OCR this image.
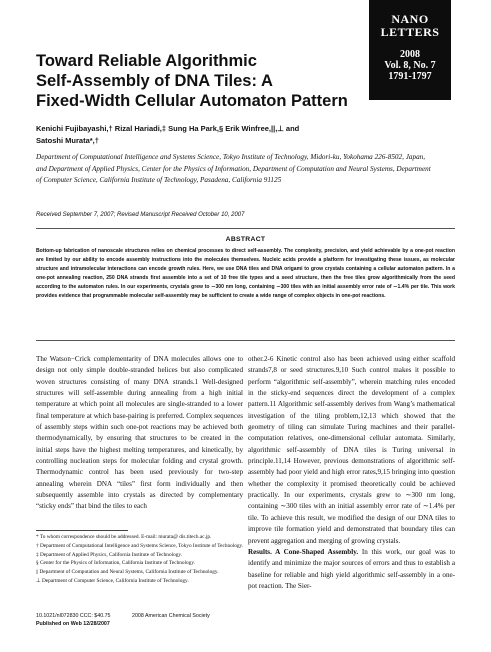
NANO
LETTERS
2008
Vol. 8, No. 7
1791-1797
Toward Reliable Algorithmic
Self-Assembly of DNA Tiles: A
Fixed-Width Cellular Automaton Pattern
Kenichi Fujibayashi,† Rizal Hariadi,‡ Sung Ha Park,§ Erik Winfree,||,⊥ and
Satoshi Murata*,†
Department of Computational Intelligence and Systems Science, Tokyo Institute of Technology, Midori-ku, Yokohama 226-8502, Japan, and Department of Applied Physics, Center for the Physics of Information, Department of Computation and Neural Systems, Department of Computer Science, California Institute of Technology, Pasadena, California 91125
Received September 7, 2007; Revised Manuscript Received October 10, 2007
ABSTRACT
Bottom-up fabrication of nanoscale structures relies on chemical processes to direct self-assembly. The complexity, precision, and yield achievable by a one-pot reaction are limited by our ability to encode assembly instructions into the molecules themselves. Nucleic acids provide a platform for investigating these issues, as molecular structure and intramolecular interactions can encode growth rules. Here, we use DNA tiles and DNA origami to grow crystals containing a cellular automaton pattern. In a one-pot annealing reaction, 250 DNA strands first assemble into a set of 10 free tile types and a seed structure, then the free tiles grow algorithmically from the seed according to the automaton rules. In our experiments, crystals grew to ∼300 nm long, containing ∼300 tiles with an initial assembly error rate of ∼1.4% per tile. This work provides evidence that programmable molecular self-assembly may be sufficient to create a wide range of complex objects in one-pot reactions.

The Watson−Crick complementarity of DNA molecules allows one to design not only simple double-stranded helices but also complicated woven structures consisting of many DNA strands.1 Well-designed structures will self-assemble during annealing from a high initial temperature at which point all molecules are single-stranded to a lower final temperature at which base-pairing is preferred. Complex sequences of assembly steps within such one-pot reactions may be achieved both thermodynamically, by ensuring that structures to be created in the initial steps have the highest melting temperatures, and kinetically, by controlling nucleation steps for molecular folding and crystal growth. Thermodynamic control has been used previously for two-step annealing wherein DNA “tiles” first form individually and then subsequently assemble into crystals as directed by complementary “sticky ends” that bind the tiles to each

other.2-6 Kinetic control also has been achieved using either scaffold strands7,8 or seed structures.9,10 Such control makes it possible to perform “algorithmic self-assembly”, wherein matching rules encoded in the sticky-end sequences direct the development of a complex pattern.11 Algorithmic self-assembly derives from Wang’s mathematical investigation of the tiling problem,12,13 which showed that the geometry of tiling can simulate Turing machines and their parallel-computation relatives, one-dimensional cellular automata. Similarly, algorithmic self-assembly of DNA tiles is Turing universal in principle.11,14 However, previous demonstrations of algorithmic self-assembly had poor yield and high error rates,9,15 bringing into question whether the complexity it promised theoretically could be achieved practically. In our experiments, crystals grew to ∼300 nm long, containing ∼300 tiles with an initial assembly error rate of ∼1.4% per tile. To achieve this result, we modified the design of our DNA tiles to improve tile formation yield and demonstrated that boundary tiles can prevent aggregation and merging of growing crystals.

Results. A Cone-Shaped Assembly. In this work, our goal was to identify and minimize the major sources of errors and thus to establish a baseline for reliable and high yield algorithmic self-assembly in a one-pot reaction. The Sier-

* To whom correspondence should be addressed. E-mail: murata@ dis.titech.ac.jp.
† Department of Computational Intelligence and Systems Science, Tokyo Institute of Technology.
‡ Department of Applied Physics, California Institute of Technology.
§ Center for the Physics of Information, California Institute of Technology.
|| Department of Computation and Neural Systems, California Institute of Technology.
⊥ Department of Computer Science, California Institute of Technology.
10.1021/nl072830 CCC: $40.75	2008 American Chemical Society
Published on Web 12/28/2007
